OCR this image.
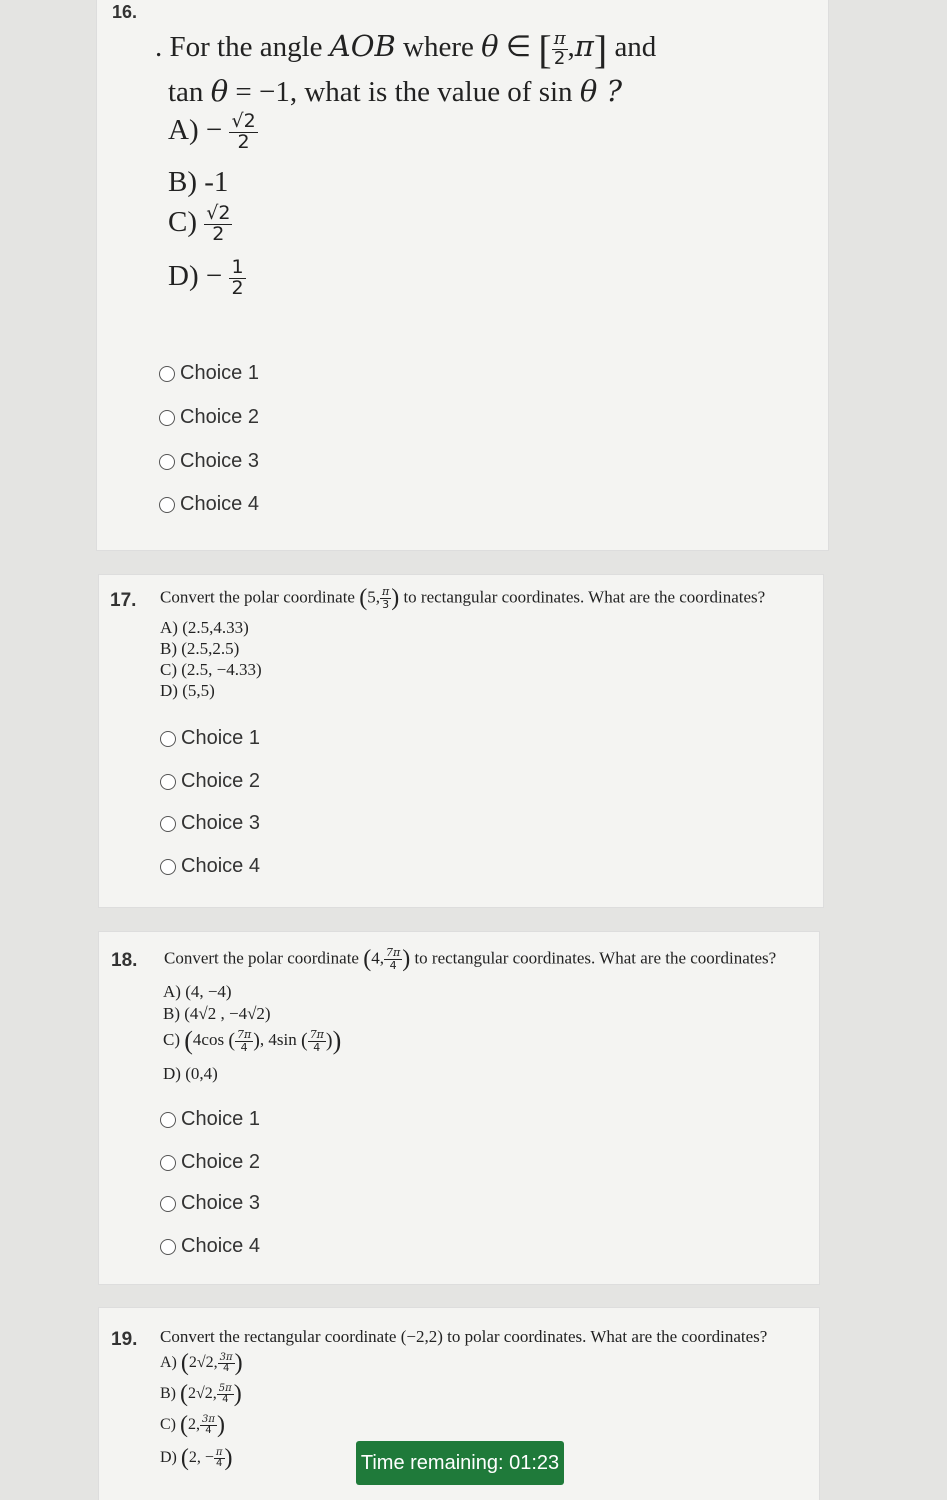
16.
. For the angle AOB where θ ∈ [ $\frac{\pi}{2} ,\pi$] and
tan θ = −1, what is the value of sin θ ?
$A) - \frac{√2}{2}$
B) -1
$C) \frac{√2}{2}$
$D) - \frac{1}{2}$
Choice 1
Choice 2
Choice 3
Choice 4
17. Convert the polar coordinate (5, $\frac{\pi}{3}$ ) to rectangular coordinates. What are the coordinates?
A) (2.5,4.33)
B) (2.5,2.5)
C) (2.5, −4.33)
D) (5,5)
Choice 1
Choice 2
Choice 3
Choice 4
18. Convert the polar coordinate (4, $\frac{7\pi}{4}$ ) to rectangular coordinates. What are the coordinates?
A) (4, −4)
B) (4√2 , −4√2)
C) (4cos ( $\frac{7\pi}{4}$ ), 4sin ( $\frac{7\pi}{4}$ ))
D) (0,4)
Choice 1
Choice 2
Choice 3
Choice 4
19. Convert the rectangular coordinate (−2,2) to polar coordinates. What are the coordinates?
A) (2√2, $\frac{3\pi}{4}$ )
B) (2√2, $\frac{5\pi}{4}$ )
C) (2, $\frac{3\pi}{4}$ )
D) (2, − $\frac{\pi}{4}$ )	Time remaining: 01:23
